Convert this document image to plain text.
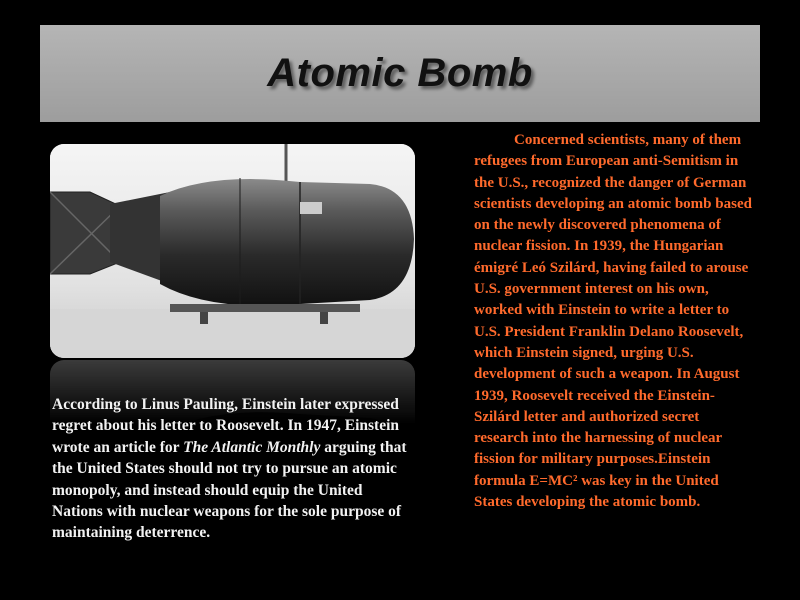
Atomic Bomb
According to Linus Pauling, Einstein later expressed regret about his letter to Roosevelt. In 1947, Einstein wrote an article for The Atlantic Monthly arguing that the United States should not try to pursue an atomic monopoly, and instead should equip the United Nations with nuclear weapons for the sole purpose of maintaining deterrence.
Concerned scientists, many of them refugees from European anti-Semitism in the U.S., recognized the danger of German scientists developing an atomic bomb based on the newly discovered phenomena of nuclear fission. In 1939, the Hungarian émigré Leó Szilárd, having failed to arouse U.S. government interest on his own, worked with Einstein to write a letter to U.S. President Franklin Delano Roosevelt, which Einstein signed, urging U.S. development of such a weapon. In August 1939, Roosevelt received the Einstein-Szilárd letter and authorized secret research into the harnessing of nuclear fission for military purposes.Einstein formula E=MC² was key in the United States developing the atomic bomb.
